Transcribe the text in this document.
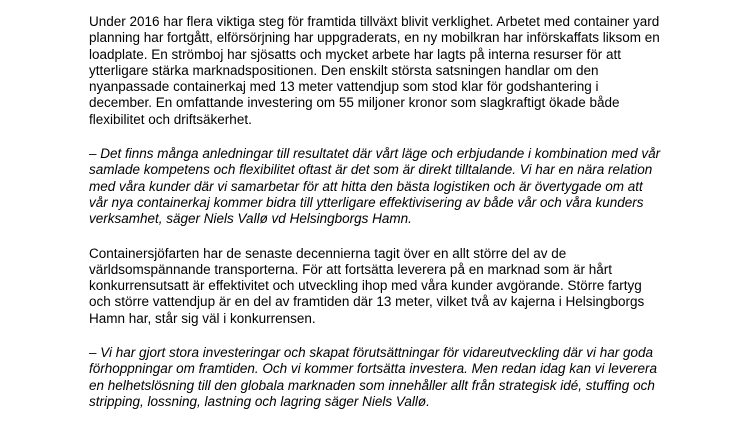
Under 2016 har flera viktiga steg för framtida tillväxt blivit verklighet. Arbetet med container yard
planning har fortgått, elförsörjning har uppgraderats, en ny mobilkran har införskaffats liksom en
loadplate. En strömboj har sjösatts och mycket arbete har lagts på interna resurser för att
ytterligare stärka marknadspositionen. Den enskilt största satsningen handlar om den
nyanpassade containerkaj med 13 meter vattendjup som stod klar för godshantering i
december. En omfattande investering om 55 miljoner kronor som slagkraftigt ökade både
flexibilitet och driftsäkerhet.

– Det finns många anledningar till resultatet där vårt läge och erbjudande i kombination med vår
samlade kompetens och flexibilitet oftast är det som är direkt tilltalande. Vi har en nära relation
med våra kunder där vi samarbetar för att hitta den bästa logistiken och är övertygade om att
vår nya containerkaj kommer bidra till ytterligare effektivisering av både vår och våra kunders
verksamhet, säger Niels Vallø vd Helsingborgs Hamn.

Containersjöfarten har de senaste decennierna tagit över en allt större del av de
världsomspännande transporterna. För att fortsätta leverera på en marknad som är hårt
konkurrensutsatt är effektivitet och utveckling ihop med våra kunder avgörande. Större fartyg
och större vattendjup är en del av framtiden där 13 meter, vilket två av kajerna i Helsingborgs
Hamn har, står sig väl i konkurrensen.

– Vi har gjort stora investeringar och skapat förutsättningar för vidareutveckling där vi har goda
förhoppningar om framtiden. Och vi kommer fortsätta investera. Men redan idag kan vi leverera
en helhetslösning till den globala marknaden som innehåller allt från strategisk idé, stuffing och
stripping, lossning, lastning och lagring säger Niels Vallø.
